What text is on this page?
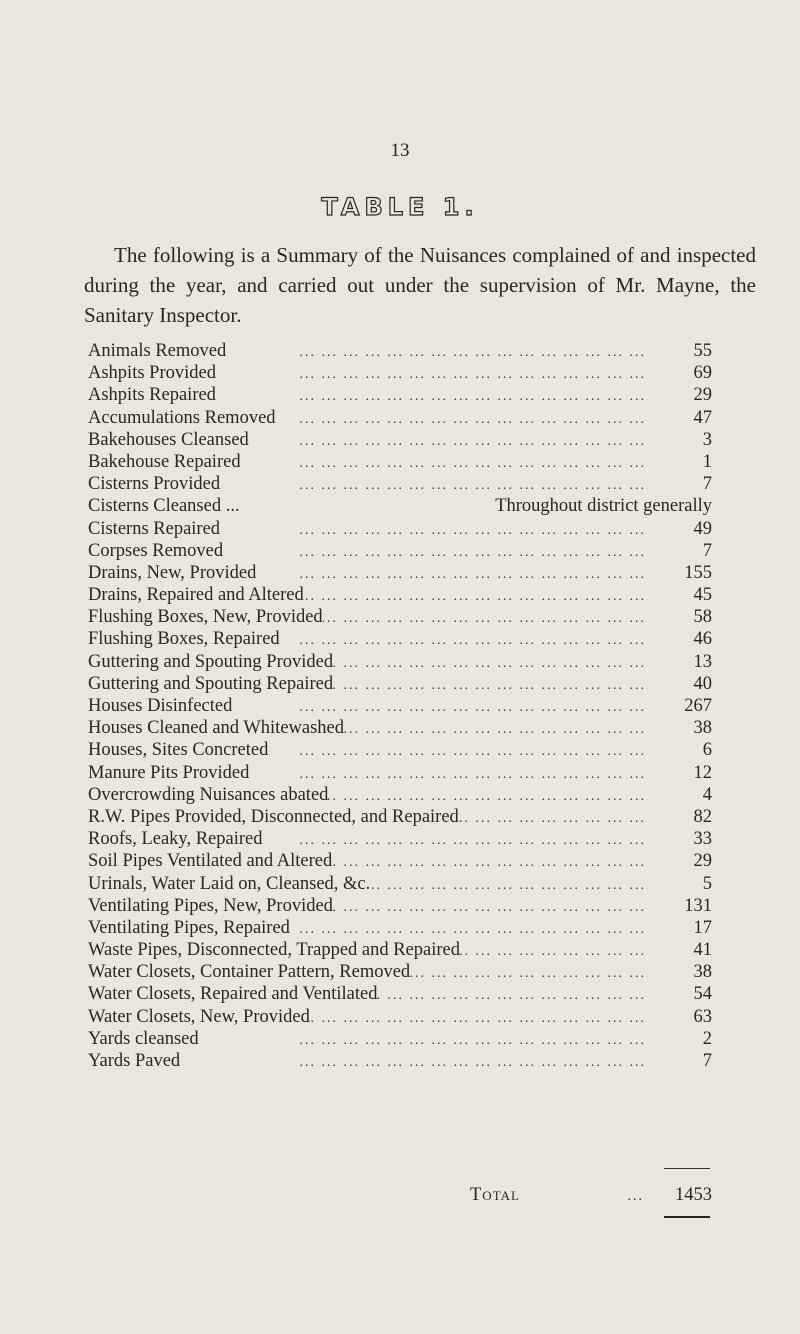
13
TABLE 1.

The following is a Summary of the Nuisances complained of and inspected during the year, and carried out under the supervision of Mr. Mayne, the Sanitary Inspector.

Animals Removed ... .	55
Ashpits Provided ... .	69
Ashpits Repaired ... .	29
Accumulations Removed ... .	47
Bakehouses Cleansed ... .	3
Bakehouse Repaired ... .	1
Cisterns Provided ... .	7
Cisterns Cleansed ...	Throughout district generally
Cisterns Repaired ... .	49
Corpses Removed ... .	7
Drains, New, Provided ... .	155
Drains, Repaired and Altered ... .	45
Flushing Boxes, New, Provided ... .	58
Flushing Boxes, Repaired ... .	46
Guttering and Spouting Provided ... .	13
Guttering and Spouting Repaired ... .	40
Houses Disinfected ... .	267
Houses Cleaned and Whitewashed ... .	38
Houses, Sites Concreted ... .	6
Manure Pits Provided ... .	12
Overcrowding Nuisances abated ... .	4
R.W. Pipes Provided, Disconnected, and Repaired ... .	82
Roofs, Leaky, Repaired ... .	33
Soil Pipes Ventilated and Altered ... .	29
Urinals, Water Laid on, Cleansed, &c. ... .	5
Ventilating Pipes, New, Provided ... .	131
Ventilating Pipes, Repaired ... .	17
Waste Pipes, Disconnected, Trapped and Repaired ... .	41
Water Closets, Container Pattern, Removed ... .	38
Water Closets, Repaired and Ventilated ... .	54
Water Closets, New, Provided ... .	63
Yards cleansed ... .	2
Yards Paved ... .	7
Total	...	1453
